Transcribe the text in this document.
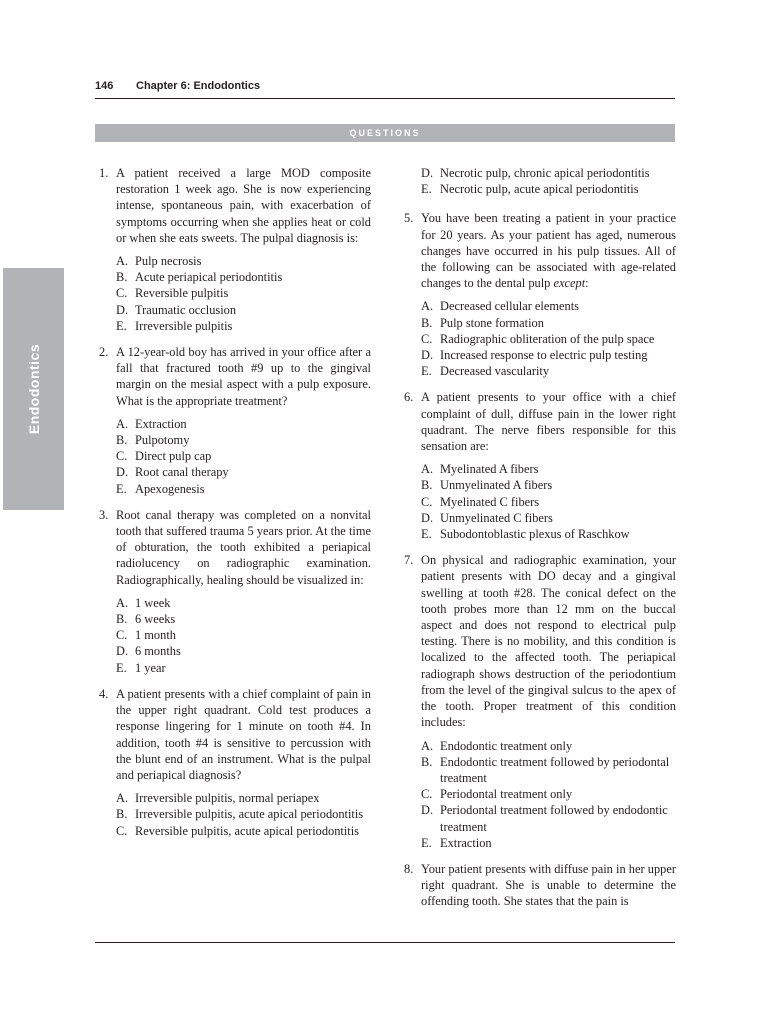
146 Chapter 6: Endodontics
QUESTIONS
Endodontics
1. A patient received a large MOD composite restoration 1 week ago. She is now experiencing intense, spontaneous pain, with exacerbation of symptoms occurring when she applies heat or cold or when she eats sweets. The pulpal diagnosis is:
A. Pulp necrosis
B. Acute periapical periodontitis
C. Reversible pulpitis
D. Traumatic occlusion
E. Irreversible pulpitis
2. A 12-year-old boy has arrived in your office after a fall that fractured tooth #9 up to the gingival margin on the mesial aspect with a pulp exposure. What is the appropriate treatment?
A. Extraction
B. Pulpotomy
C. Direct pulp cap
D. Root canal therapy
E. Apexogenesis
3. Root canal therapy was completed on a nonvital tooth that suffered trauma 5 years prior. At the time of obturation, the tooth exhibited a periapical radiolucency on radiographic examination. Radiographically, healing should be visualized in:
A. 1 week
B. 6 weeks
C. 1 month
D. 6 months
E. 1 year
4. A patient presents with a chief complaint of pain in the upper right quadrant. Cold test produces a response lingering for 1 minute on tooth #4. In addition, tooth #4 is sensitive to percussion with the blunt end of an instrument. What is the pulpal and periapical diagnosis?
A. Irreversible pulpitis, normal periapex
B. Irreversible pulpitis, acute apical periodontitis
C. Reversible pulpitis, acute apical periodontitis
D. Necrotic pulp, chronic apical periodontitis
E. Necrotic pulp, acute apical periodontitis
5. You have been treating a patient in your practice for 20 years. As your patient has aged, numerous changes have occurred in his pulp tissues. All of the following can be associated with age-related changes to the dental pulp except:
A. Decreased cellular elements
B. Pulp stone formation
C. Radiographic obliteration of the pulp space
D. Increased response to electric pulp testing
E. Decreased vascularity
6. A patient presents to your office with a chief complaint of dull, diffuse pain in the lower right quadrant. The nerve fibers responsible for this sensation are:
A. Myelinated A fibers
B. Unmyelinated A fibers
C. Myelinated C fibers
D. Unmyelinated C fibers
E. Subodontoblastic plexus of Raschkow
7. On physical and radiographic examination, your patient presents with DO decay and a gingival swelling at tooth #28. The conical defect on the tooth probes more than 12 mm on the buccal aspect and does not respond to electrical pulp testing. There is no mobility, and this condition is localized to the affected tooth. The periapical radiograph shows destruction of the periodontium from the level of the gingival sulcus to the apex of the tooth. Proper treatment of this condition includes:
A. Endodontic treatment only
B. Endodontic treatment followed by periodontal treatment
C. Periodontal treatment only
D. Periodontal treatment followed by endodontic treatment
E. Extraction
8. Your patient presents with diffuse pain in her upper right quadrant. She is unable to determine the offending tooth. She states that the pain is
